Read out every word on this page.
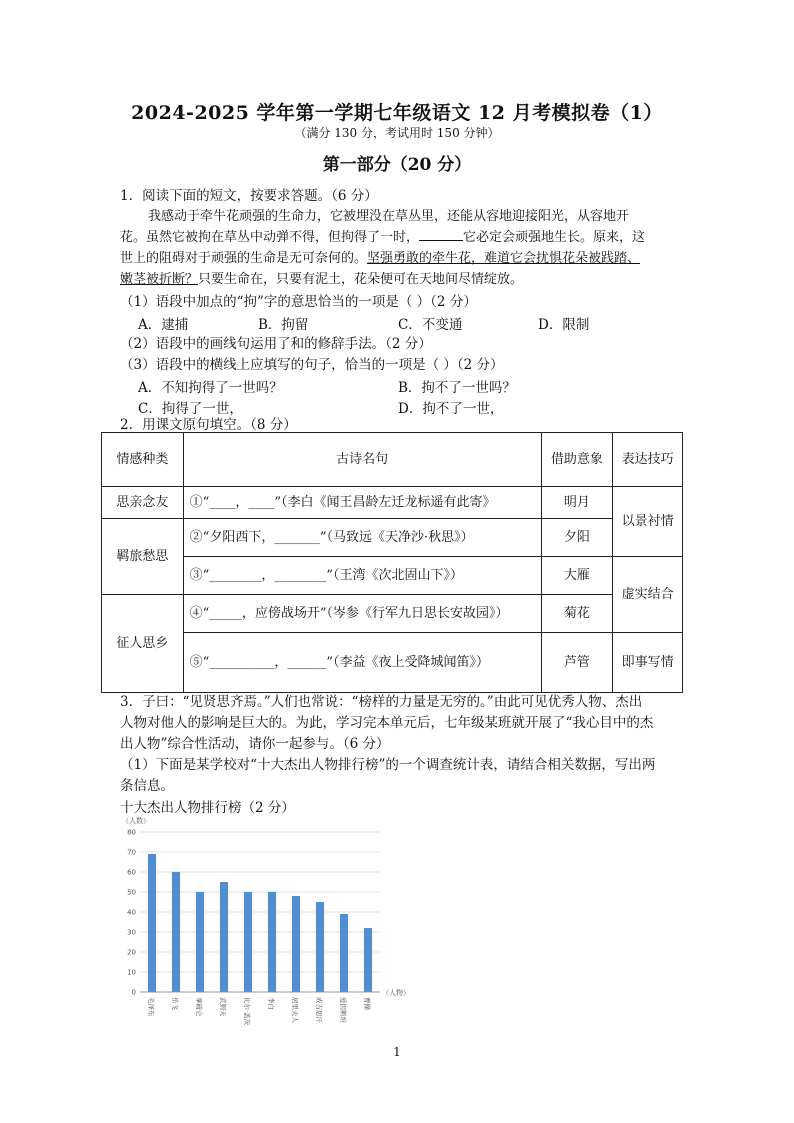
2024-2025 学年第一学期七年级语文 12 月考模拟卷（1）
（满分 130 分，考试用时 150 分钟）
第一部分（20 分）
1．阅读下面的短文，按要求答题。（6 分）
我感动于牵牛花顽强的生命力，它被埋没在草丛里，还能从容地迎接阳光，从容地开
花。虽然它被拘在草丛中动弹不得，但拘得了一时，	它必定会顽强地生长。原来，这
世上的阻碍对于顽强的生命是无可奈何的。坚强勇敢的牵牛花，难道它会扰惧花朵被践踏、
嫩茎被折断？只要生命在，只要有泥土，花朵便可在天地间尽情绽放。
（1）语段中加点的“拘”字的意思恰当的一项是（ ）（2 分）
A．逮捕	B．拘留	C．不变通	D．限制
（2）语段中的画线句运用了和的修辞手法。（2 分）
（3）语段中的横线上应填写的句子，恰当的一项是（ ）（2 分）
A．不知拘得了一世吗？	B．拘不了一世吗？
C．拘得了一世，	D．拘不了一世，
2．用课文原句填空。（8 分）
情感种类	古诗名句	借助意象	表达技巧
思亲念友	①“____，____”（李白《闻王昌龄左迁龙标遥有此寄》	明月	以景衬情
羁旅愁思	②“夕阳西下，_______”（马致远《天净沙·秋思》）	夕阳	
	③“________，________”（王湾《次北固山下》）	大雁	虚实结合
征人思乡	④“_____，应傍战场开”（岑参《行军九日思长安故园》）	菊花	
	⑤“__________，______”（李益《夜上受降城闻笛》）	芦管	即事写情
3．子曰：“见贤思齐焉。”人们也常说：“榜样的力量是无穷的。”由此可见优秀人物、杰出
人物对他人的影响是巨大的。为此，学习完本单元后，七年级某班就开展了“我心目中的杰
出人物”综合性活动，请你一起参与。（6 分）
（1）下面是某学校对“十大杰出人物排行榜”的一个调查统计表，请结合相关数据，写出两
条信息。
十大杰出人物排行榜（2 分）
0
10
20
30
40
50
60
70
80
毛泽东 岳飞 拿破仑 武则天 比尔·盖茨 李白 居里夫人 成吉思汗 爱因斯坦 曹操
（人数）
（人物）
1
